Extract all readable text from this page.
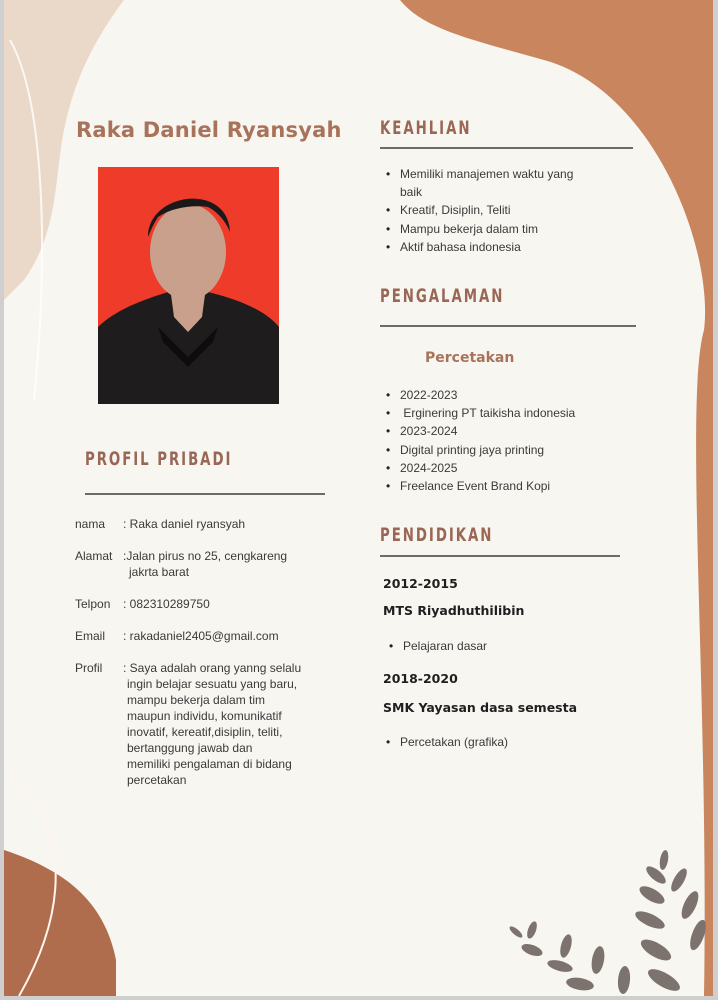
Raka Daniel Ryansyah
PROFIL PRIBADI
nama	: Raka daniel ryansyah
Alamat :Jalan pirus no 25, cengkareng
jakrta barat
Telpon	: 082310289750
Email	: rakadaniel2405@gmail.com
Profil	: Saya adalah orang yanng selalu
ingin belajar sesuatu yang baru,
mampu bekerja dalam tim
maupun individu, komunikatif
inovatif, kereatif,disiplin, teliti,
bertanggung jawab dan
memiliki pengalaman di bidang
percetakan
KEAHLIAN
• Memiliki manajemen waktu yang
baik
• Kreatif, Disiplin, Teliti
• Mampu bekerja dalam tim
• Aktif bahasa indonesia
PENGALAMAN
Percetakan
• 2022-2023
•  Erginering PT taikisha indonesia
• 2023-2024
• Digital printing jaya printing
• 2024-2025
• Freelance Event Brand Kopi
PENDIDIKAN
2012-2015
MTS Riyadhuthilibin
• Pelajaran dasar
2018-2020
SMK Yayasan dasa semesta
• Percetakan (grafika)
